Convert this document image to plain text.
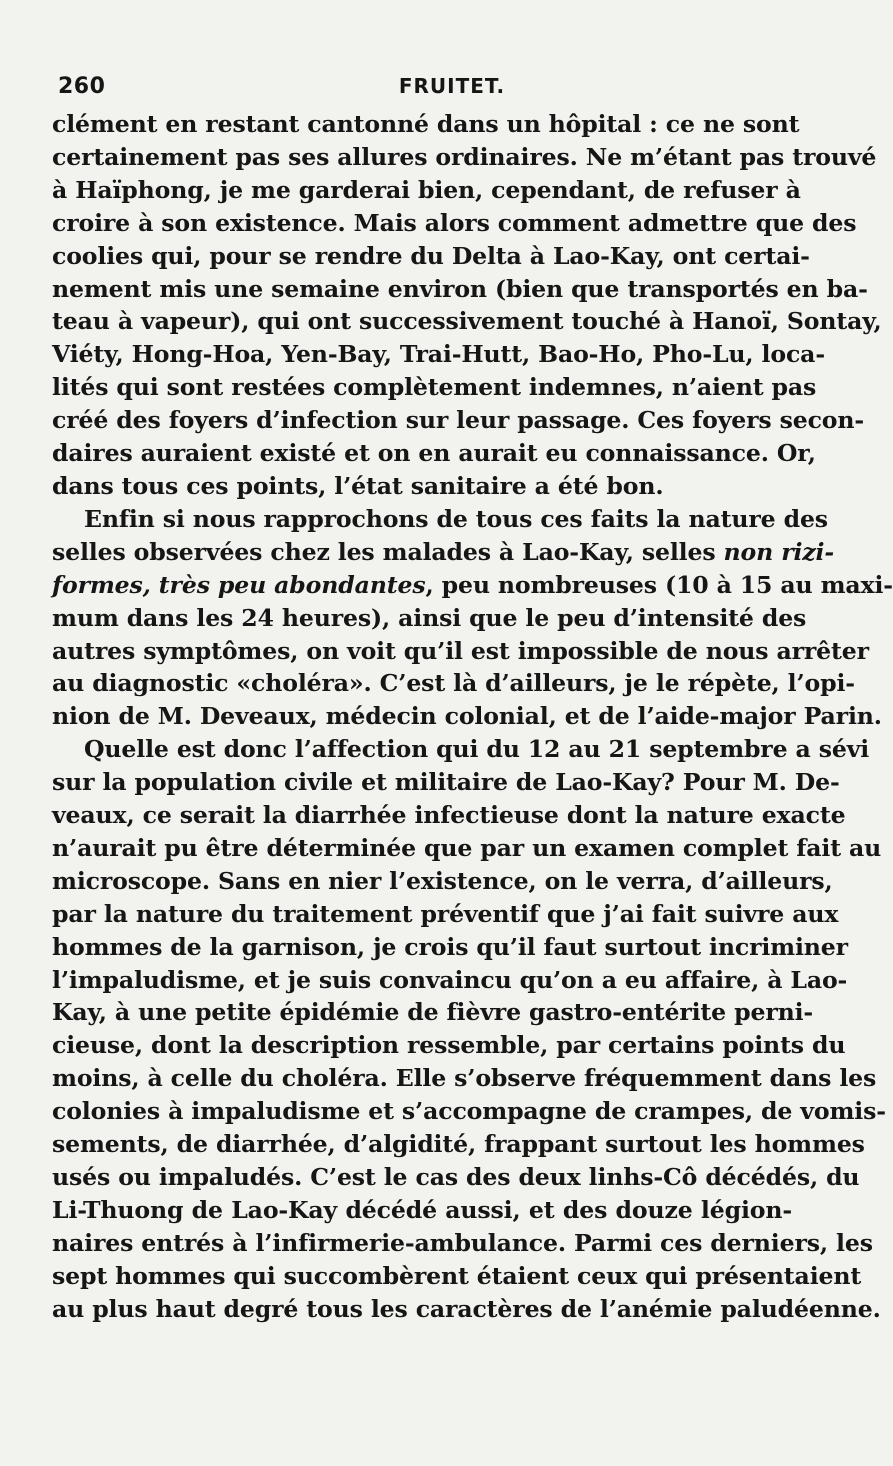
260	FRUITET.
clément en restant cantonné dans un hôpital : ce ne sont
certainement pas ses allures ordinaires. Ne m’étant pas trouvé
à Haïphong, je me garderai bien, cependant, de refuser à
croire à son existence. Mais alors comment admettre que des
coolies qui, pour se rendre du Delta à Lao-Kay, ont certai-
nement mis une semaine environ (bien que transportés en ba-
teau à vapeur), qui ont successivement touché à Hanoï, Sontay,
Viéty, Hong-Hoa, Yen-Bay, Trai-Hutt, Bao-Ho, Pho-Lu, loca-
lités qui sont restées complètement indemnes, n’aient pas
créé des foyers d’infection sur leur passage. Ces foyers secon-
daires auraient existé et on en aurait eu connaissance. Or,
dans tous ces points, l’état sanitaire a été bon.
Enfin si nous rapprochons de tous ces faits la nature des
selles observées chez les malades à Lao-Kay, selles non rizi-
formes, très peu abondantes, peu nombreuses (10 à 15 au maxi-
mum dans les 24 heures), ainsi que le peu d’intensité des
autres symptômes, on voit qu’il est impossible de nous arrêter
au diagnostic «choléra». C’est là d’ailleurs, je le répète, l’opi-
nion de M. Deveaux, médecin colonial, et de l’aide-major Parin.
Quelle est donc l’affection qui du 12 au 21 septembre a sévi
sur la population civile et militaire de Lao-Kay? Pour M. De-
veaux, ce serait la diarrhée infectieuse dont la nature exacte
n’aurait pu être déterminée que par un examen complet fait au
microscope. Sans en nier l’existence, on le verra, d’ailleurs,
par la nature du traitement préventif que j’ai fait suivre aux
hommes de la garnison, je crois qu’il faut surtout incriminer
l’impaludisme, et je suis convaincu qu’on a eu affaire, à Lao-
Kay, à une petite épidémie de fièvre gastro-entérite perni-
cieuse, dont la description ressemble, par certains points du
moins, à celle du choléra. Elle s’observe fréquemment dans les
colonies à impaludisme et s’accompagne de crampes, de vomis-
sements, de diarrhée, d’algidité, frappant surtout les hommes
usés ou impaludés. C’est le cas des deux linhs-Cô décédés, du
Li-Thuong de Lao-Kay décédé aussi, et des douze légion-
naires entrés à l’infirmerie-ambulance. Parmi ces derniers, les
sept hommes qui succombèrent étaient ceux qui présentaient
au plus haut degré tous les caractères de l’anémie paludéenne.
